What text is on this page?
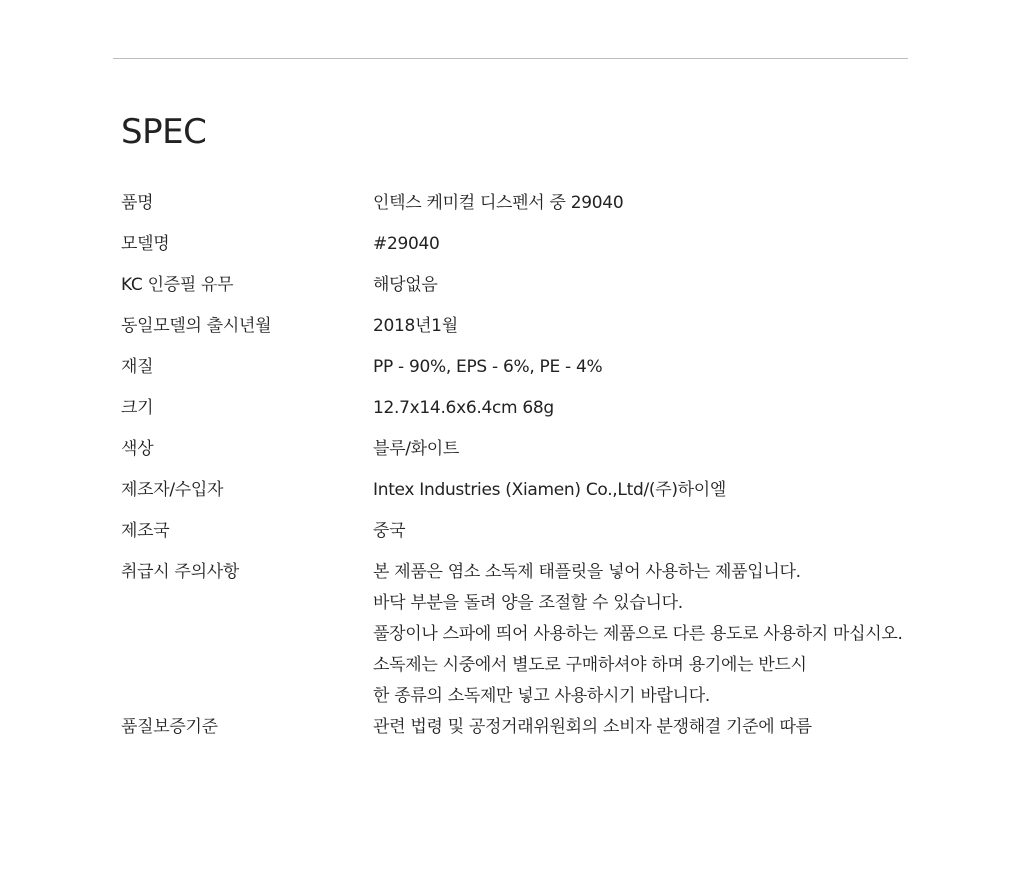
SPEC
품명	인텍스 케미컬 디스펜서 중 29040
모델명	#29040
KC 인증필 유무	해당없음
동일모델의 출시년월	2018년1월
재질	PP - 90%, EPS - 6%, PE - 4%
크기	12.7x14.6x6.4cm 68g
색상	블루/화이트
제조자/수입자	Intex Industries (Xiamen) Co.,Ltd/(주)하이엘
제조국	중국
취급시 주의사항	본 제품은 염소 소독제 태플릿을 넣어 사용하는 제품입니다.
바닥 부분을 돌려 양을 조절할 수 있습니다.
풀장이나 스파에 띄어 사용하는 제품으로 다른 용도로 사용하지 마십시오.
소독제는 시중에서 별도로 구매하셔야 하며 용기에는 반드시
한 종류의 소독제만 넣고 사용하시기 바랍니다.
품질보증기준	관련 법령 및 공정거래위원회의 소비자 분쟁해결 기준에 따름
